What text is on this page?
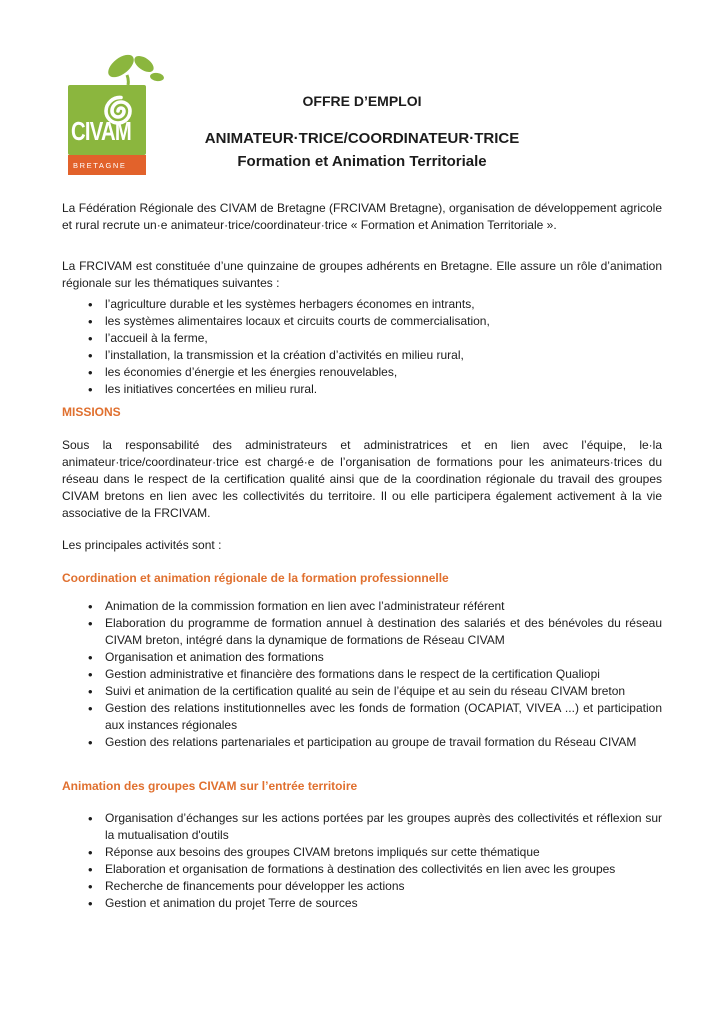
CIVAM
BRETAGNE
OFFRE D’EMPLOI
ANIMATEUR·TRICE/COORDINATEUR·TRICE
Formation et Animation Territoriale

La Fédération Régionale des CIVAM de Bretagne (FRCIVAM Bretagne), organisation de développement agricole et rural recrute un·e animateur·trice/coordinateur·trice « Formation et Animation Territoriale ».

La FRCIVAM est constituée d’une quinzaine de groupes adhérents en Bretagne. Elle assure un rôle d’animation régionale sur les thématiques suivantes :

• l’agriculture durable et les systèmes herbagers économes en intrants,
• les systèmes alimentaires locaux et circuits courts de commercialisation,
• l’accueil à la ferme,
• l’installation, la transmission et la création d’activités en milieu rural,
• les économies d’énergie et les énergies renouvelables,
• les initiatives concertées en milieu rural.
MISSIONS

Sous la responsabilité des administrateurs et administratrices et en lien avec l’équipe, le·la animateur·trice/coordinateur·trice est chargé·e de l’organisation de formations pour les animateurs·trices du réseau dans le respect de la certification qualité ainsi que de la coordination régionale du travail des groupes CIVAM bretons en lien avec les collectivités du territoire. Il ou elle participera également activement à la vie associative de la FRCIVAM.

Les principales activités sont :

Coordination et animation régionale de la formation professionnelle
• Animation de la commission formation en lien avec l’administrateur référent
• Elaboration du programme de formation annuel à destination des salariés et des bénévoles du réseau CIVAM breton, intégré dans la dynamique de formations de Réseau CIVAM
• Organisation et animation des formations
• Gestion administrative et financière des formations dans le respect de la certification Qualiopi
• Suivi et animation de la certification qualité au sein de l’équipe et au sein du réseau CIVAM breton
• Gestion des relations institutionnelles avec les fonds de formation (OCAPIAT, VIVEA ...) et participation aux instances régionales
• Gestion des relations partenariales et participation au groupe de travail formation du Réseau CIVAM
Animation des groupes CIVAM sur l’entrée territoire
• Organisation d’échanges sur les actions portées par les groupes auprès des collectivités et réflexion sur la mutualisation d'outils
• Réponse aux besoins des groupes CIVAM bretons impliqués sur cette thématique
• Elaboration et organisation de formations à destination des collectivités en lien avec les groupes
• Recherche de financements pour développer les actions
• Gestion et animation du projet Terre de sources
